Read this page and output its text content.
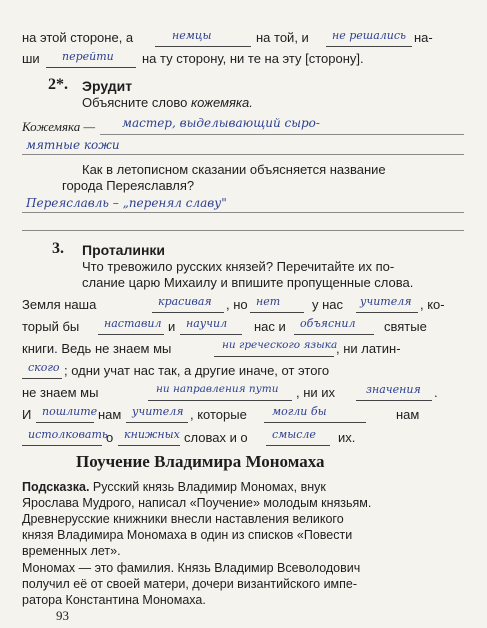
на этой стороне, а	немцы	на той, и не решались на-
ши перейти на ту сторону, ни те на эту [сторону].
2*. Эрудит
Объясните слово кожемяка.
Кожемяка — мастер, выделывающий сыро-
мятные кожи
Как в летописном сказании объясняется название
города Переяславля?
Переяславль – „перенял славу"
3. Проталинки
Что тревожило русских князей? Перечитайте их по-
слание царю Михаилу и впишите пропущенные слова.
Земля наша	красивая , но нет у нас учителя , ко-
торый бы наставил и научил нас и объяснил святые
книги. Ведь не знаем мы	ни греческого языка
, ни латин-
ского ; одни учат нас так, а другие иначе, от этого
не знаем мы	ни направления пути , ни их	значения .
И пошлите нам учителя , которые могли бы	нам
истолковать
о книжных словах и о смысле их.
Поучение Владимира Мономаха
Подсказка. Русский князь Владимир Мономах, внук
Ярослава Мудрого, написал «Поучение» молодым князьям.
Древнерусские книжники внесли наставления великого
князя Владимира Мономаха в один из списков «Повести
временных лет».
Мономах — это фамилия. Князь Владимир Всеволодович
получил её от своей матери, дочери византийского импе-
ратора Константина Мономаха.
93
